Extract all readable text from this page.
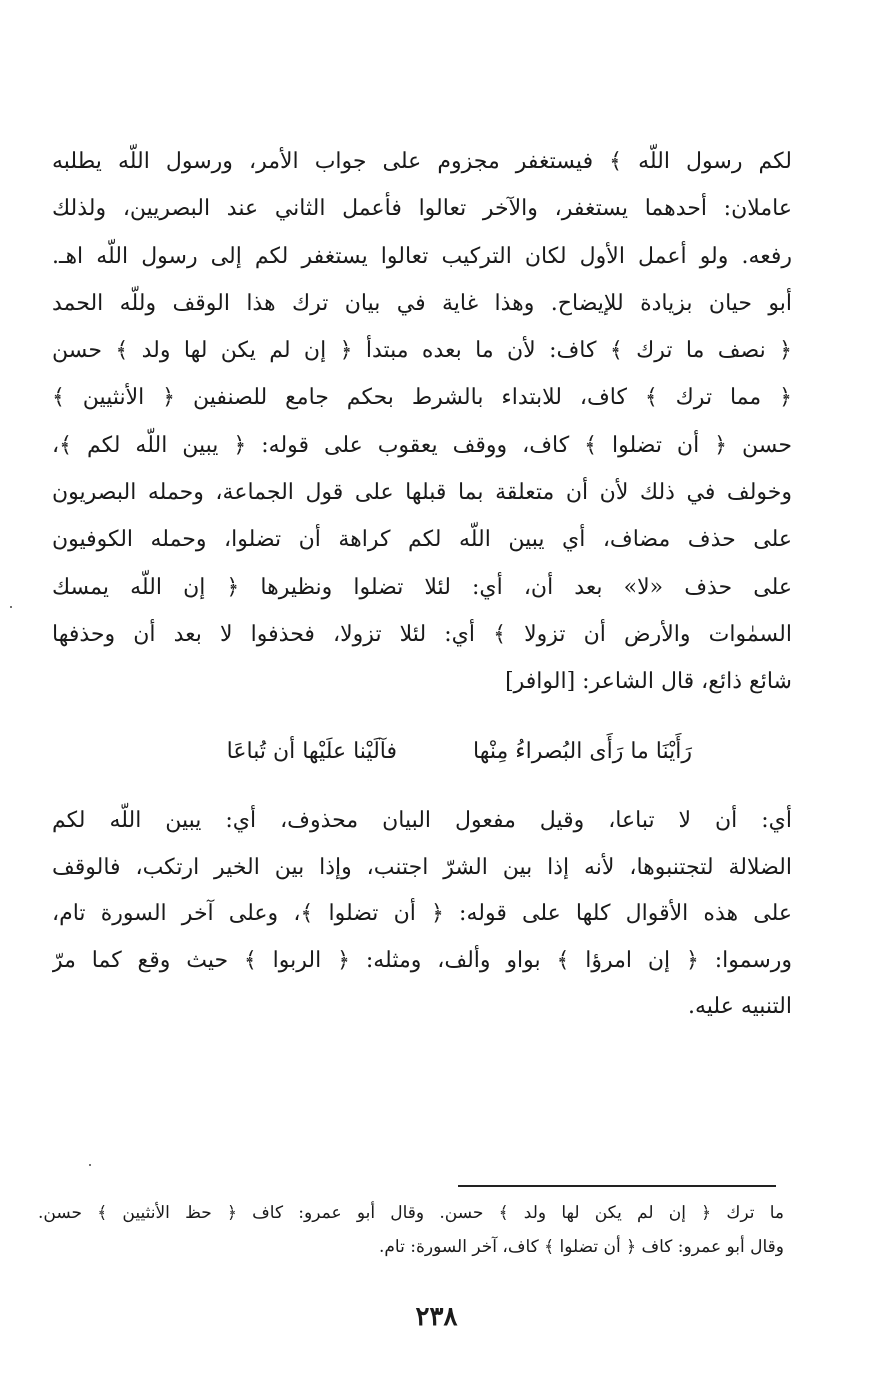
لكم رسول اللّه ﴾ فيستغفر مجزوم على جواب الأمر، ورسول اللّه يطلبه
عاملان: أحدهما يستغفر، والآخر تعالوا فأعمل الثاني عند البصريين، ولذلك
رفعه. ولو أعمل الأول لكان التركيب تعالوا يستغفر لكم إلى رسول اللّه اهـ.
أبو حيان بزيادة للإيضاح. وهذا غاية في بيان ترك هذا الوقف وللّه الحمد
﴿ نصف ما ترك ﴾ كاف: لأن ما بعده مبتدأ ﴿ إن لم يكن لها ولد ﴾ حسن
﴿ مما ترك ﴾ كاف، للابتداء بالشرط بحكم جامع للصنفين ﴿ الأنثيين ﴾
حسن ﴿ أن تضلوا ﴾ كاف، ووقف يعقوب على قوله: ﴿ يبين اللّه لكم ﴾،
وخولف في ذلك لأن أن متعلقة بما قبلها على قول الجماعة، وحمله البصريون
على حذف مضاف، أي يبين اللّه لكم كراهة أن تضلوا، وحمله الكوفيون
على حذف «لا» بعد أن، أي: لئلا تضلوا ونظيرها ﴿ إن اللّه يمسك
السمٰوات والأرض أن تزولا ﴾ أي: لئلا تزولا، فحذفوا لا بعد أن وحذفها
شائع ذائع، قال الشاعر: [الوافر]
رَأَيْنَا ما رَأَى البُصراءُ مِنْها
فآلَيْنا علَيْها أن تُباعَا
أي: أن لا تباعا، وقيل مفعول البيان محذوف، أي: يبين اللّه لكم
الضلالة لتجتنبوها، لأنه إذا بين الشرّ اجتنب، وإذا بين الخير ارتكب، فالوقف
على هذه الأقوال كلها على قوله: ﴿ أن تضلوا ﴾، وعلى آخر السورة تام،
ورسموا: ﴿ إن امرؤا ﴾ بواو وألف، ومثله: ﴿ الربوا ﴾ حيث وقع كما مرّ
التنبيه عليه.
ما ترك ﴿ إن لم يكن لها ولد ﴾ حسن. وقال أبو عمرو: كاف ﴿ حظ الأنثيين ﴾ حسن.
وقال أبو عمرو: كاف ﴿ أن تضلوا ﴾ كاف، آخر السورة: تام.
٢٣٨
